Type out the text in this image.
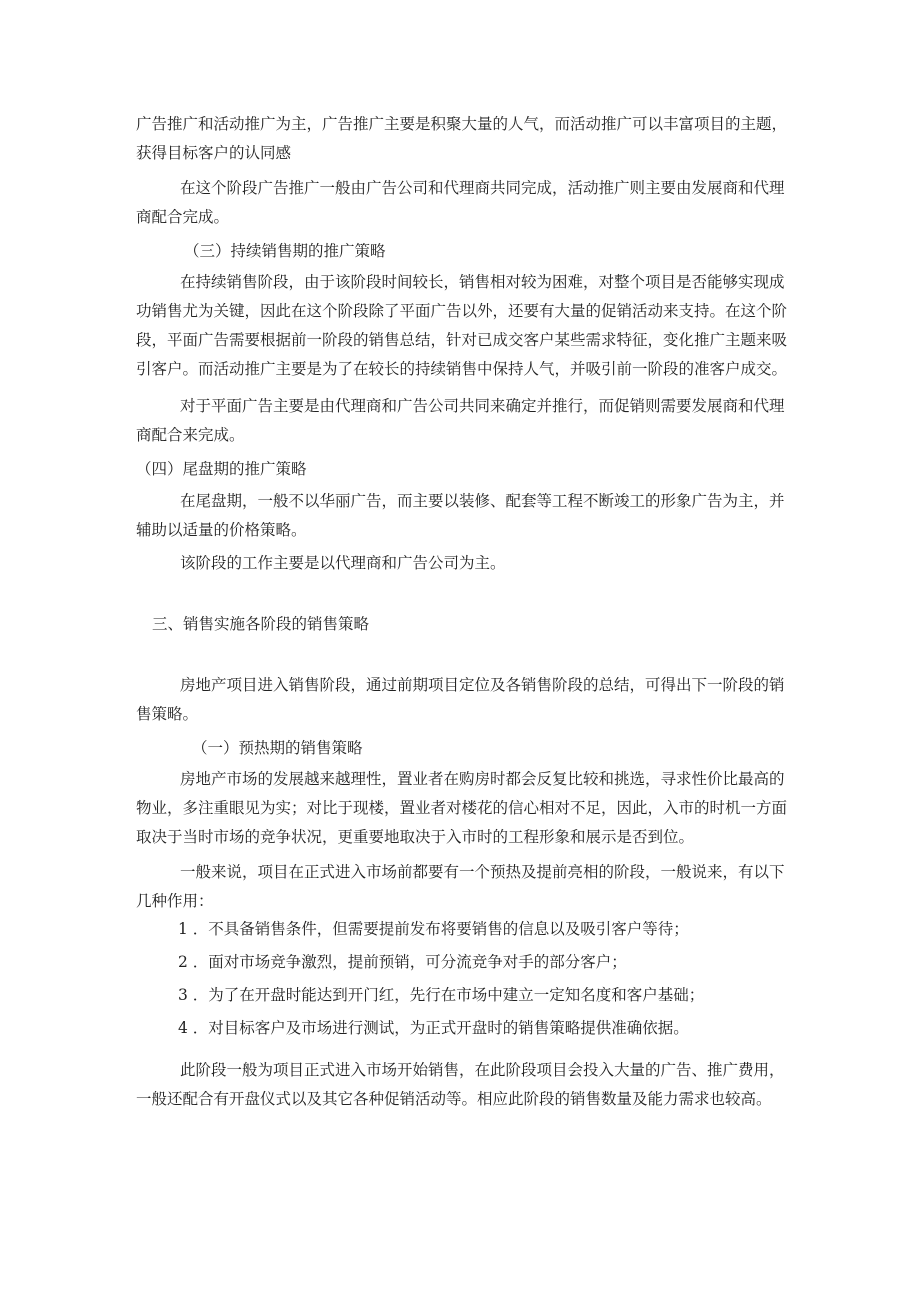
广告推广和活动推广为主，广告推广主要是积聚大量的人气，而活动推广可以丰富项目的主题，
获得目标客户的认同感
在这个阶段广告推广一般由广告公司和代理商共同完成，活动推广则主要由发展商和代理
商配合完成。
（三）持续销售期的推广策略
在持续销售阶段，由于该阶段时间较长，销售相对较为困难，对整个项目是否能够实现成
功销售尤为关键，因此在这个阶段除了平面广告以外，还要有大量的促销活动来支持。在这个阶
段，平面广告需要根据前一阶段的销售总结，针对已成交客户某些需求特征，变化推广主题来吸
引客户。而活动推广主要是为了在较长的持续销售中保持人气，并吸引前一阶段的准客户成交。
对于平面广告主要是由代理商和广告公司共同来确定并推行，而促销则需要发展商和代理
商配合来完成。
（四）尾盘期的推广策略
在尾盘期，一般不以华丽广告，而主要以装修、配套等工程不断竣工的形象广告为主，并
辅助以适量的价格策略。
该阶段的工作主要是以代理商和广告公司为主。
三、销售实施各阶段的销售策略
房地产项目进入销售阶段，通过前期项目定位及各销售阶段的总结，可得出下一阶段的销
售策略。
（一）预热期的销售策略
房地产市场的发展越来越理性，置业者在购房时都会反复比较和挑选，寻求性价比最高的
物业，多注重眼见为实；对比于现楼，置业者对楼花的信心相对不足，因此，入市的时机一方面
取决于当时市场的竞争状况，更重要地取决于入市时的工程形象和展示是否到位。
一般来说，项目在正式进入市场前都要有一个预热及提前亮相的阶段，一般说来，有以下
几种作用：
1 ．不具备销售条件，但需要提前发布将要销售的信息以及吸引客户等待；
2 ．面对市场竞争激烈，提前预销，可分流竞争对手的部分客户；
3 ．为了在开盘时能达到开门红，先行在市场中建立一定知名度和客户基础；
4 ．对目标客户及市场进行测试，为正式开盘时的销售策略提供准确依据。
此阶段一般为项目正式进入市场开始销售，在此阶段项目会投入大量的广告、推广费用，
一般还配合有开盘仪式以及其它各种促销活动等。相应此阶段的销售数量及能力需求也较高。
